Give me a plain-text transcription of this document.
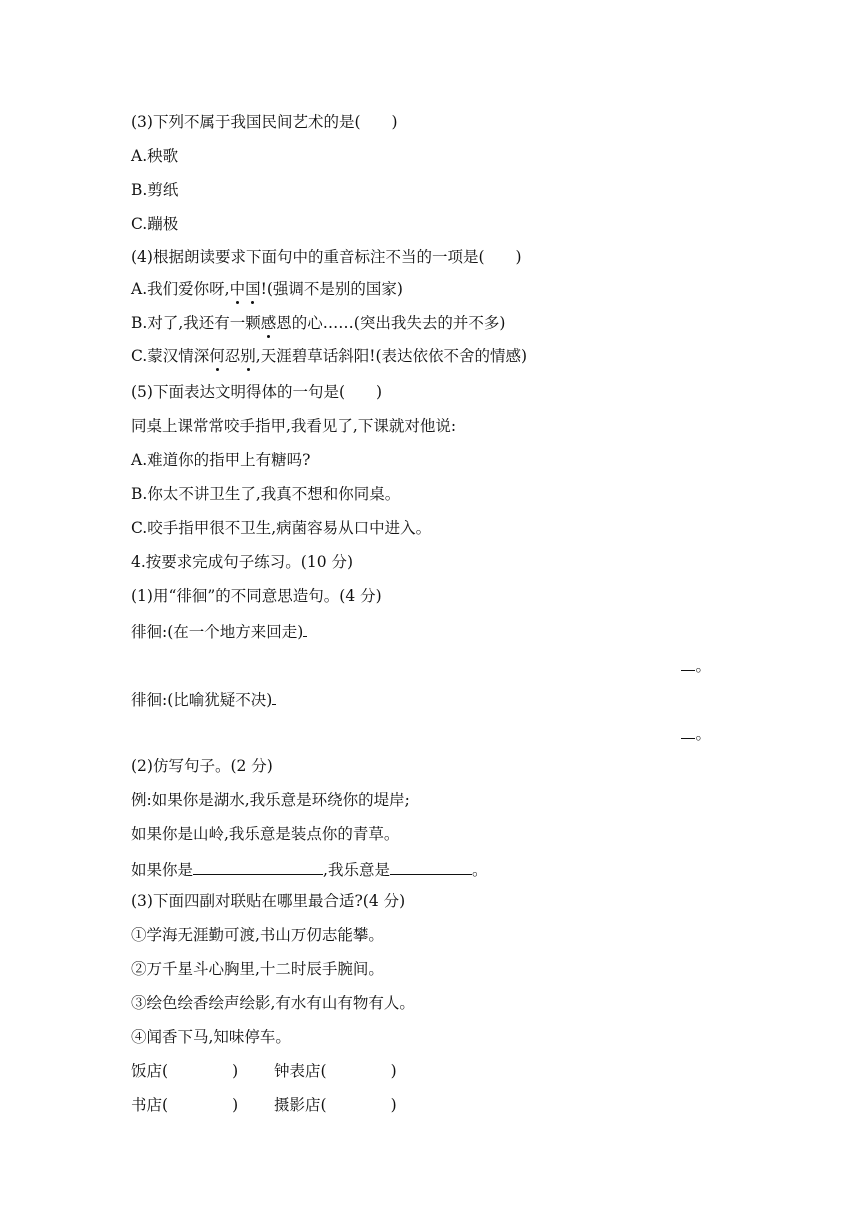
(3)下列不属于我国民间艺术的是(　　)
A.秧歌
B.剪纸
C.蹦极
(4)根据朗读要求下面句中的重音标注不当的一项是(　　)
A.我们爱你呀,中国!(强调不是别的国家)
B.对了,我还有一颗感恩的心……(突出我失去的并不多)
C.蒙汉情深何忍别,天涯碧草话斜阳!(表达依依不舍的情感)
(5)下面表达文明得体的一句是(　　)
同桌上课常常咬手指甲,我看见了,下课就对他说:
A.难道你的指甲上有糖吗?
B.你太不讲卫生了,我真不想和你同桌。
C.咬手指甲很不卫生,病菌容易从口中进入。
4.按要求完成句子练习。(10 分)
(1)用“徘徊”的不同意思造句。(4 分)
徘徊:(在一个地方来回走)
。
徘徊:(比喻犹疑不决)
。
(2)仿写句子。(2 分)
例:如果你是湖水,我乐意是环绕你的堤岸;
如果你是山岭,我乐意是装点你的青草。
如果你是	,我乐意是	。
(3)下面四副对联贴在哪里最合适?(4 分)
①学海无涯勤可渡,书山万仞志能攀。
②万千星斗心胸里,十二时辰手腕间。
③绘色绘香绘声绘影,有水有山有物有人。
④闻香下马,知味停车。
饭店(	) 钟表店(	)
书店(	) 摄影店(	)
